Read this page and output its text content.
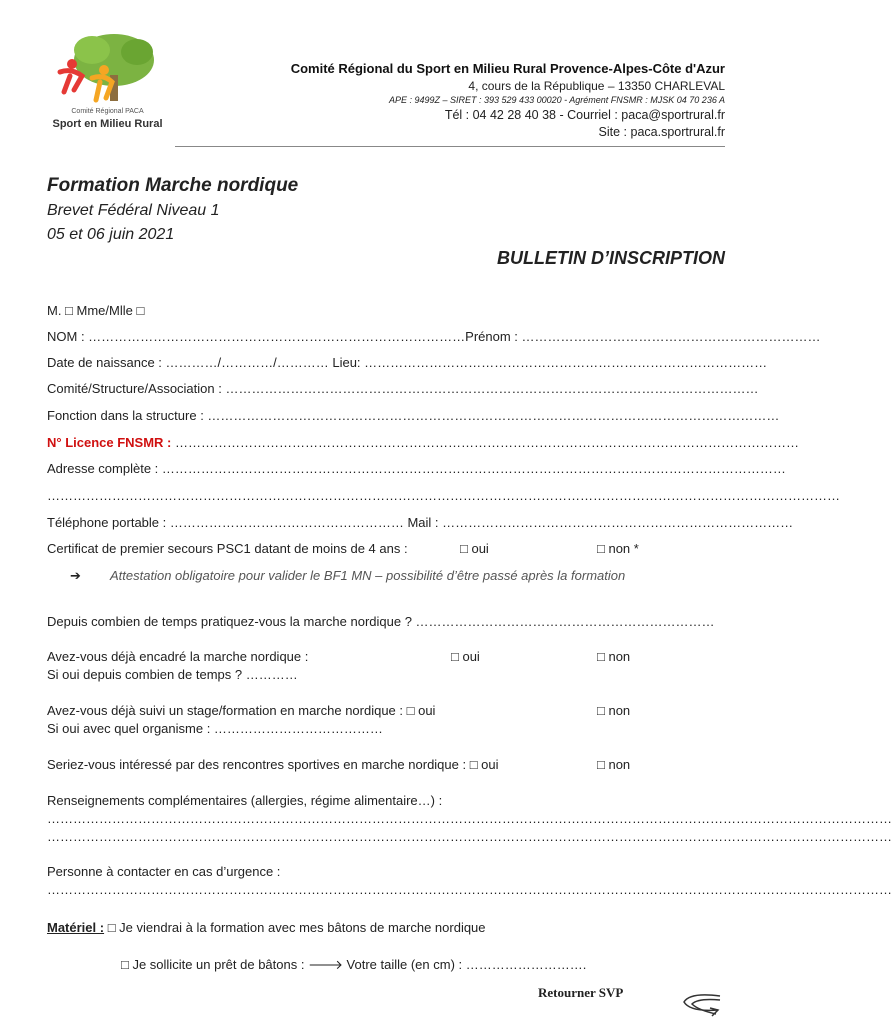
Comité Régional PACA
Sport en Milieu Rural
Comité Régional du Sport en Milieu Rural Provence-Alpes-Côte d'Azur
4, cours de la République – 13350 CHARLEVAL
APE : 9499Z – SIRET : 393 529 433 00020 - Agrément FNSMR : MJSK 04 70 236 A
Tél : 04 42 28 40 38 - Courriel : paca@sportrural.fr
Site : paca.sportrural.fr
Formation Marche nordique
Brevet Fédéral Niveau 1
05 et 06 juin 2021
BULLETIN D’INSCRIPTION
M. □ Mme/Mlle □
NOM : ……………………………………………………………………………Prénom : ……………………………………………………………
Date de naissance : …………/…………/………… Lieu: …………………………………………………………………………………
Comité/Structure/Association : ……………………………………………………………………………………………………………
Fonction dans la structure : ……………………………………………………………………………………………………………………
N° Licence FNSMR : ………………………………………………………………………………………………………………………………
Adresse complète : ………………………………………………………………………………………………………………………………
…………………………………………………………………………………………………………………………………………………………………
Téléphone portable : ……………………………………………… Mail : ………………………………………………………………………
Certificat de premier secours PSC1 datant de moins de 4 ans :	□ oui	□ non *
➔ Attestation obligatoire pour valider le BF1 MN – possibilité d’être passé après la formation
Depuis combien de temps pratiquez-vous la marche nordique ? ……………………………………………………………
Avez-vous déjà encadré la marche nordique :	□ oui	□ non
Si oui depuis combien de temps ? …………
Avez-vous déjà suivi un stage/formation en marche nordique : □ oui	□ non
Si oui avec quel organisme : …………………………………
Seriez-vous intéressé par des rencontres sportives en marche nordique : □ oui	□ non
Renseignements complémentaires (allergies, régime alimentaire…) :
……………………………………………………………………………………………………………………………………………………………………………
……………………………………………………………………………………………………………………………………………………………………………
Personne à contacter en cas d’urgence :
……………………………………………………………………………………………………………………………………………………………………………
Matériel : □ Je viendrai à la formation avec mes bâtons de marche nordique
□ Je sollicite un prêt de bâtons : 🡒 Votre taille (en cm) : ……………………….
Retourner SVP
